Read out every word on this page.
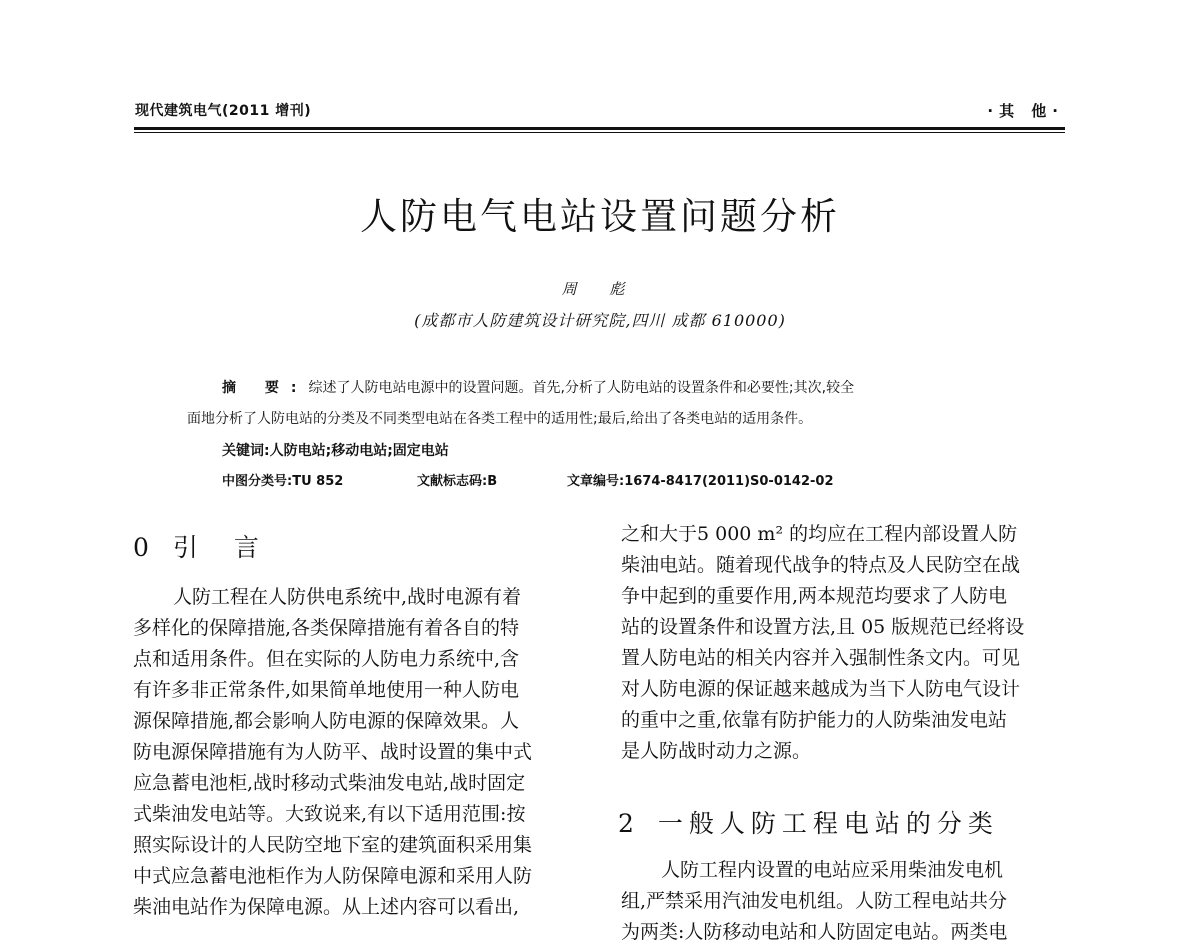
现代建筑电气(2011 增刊)	·其 他·
人防电气电站设置问题分析
周 彪
(成都市人防建筑设计研究院,四川 成都 610000)
摘 要:综述了人防电站电源中的设置问题。首先,分析了人防电站的设置条件和必要性;其次,较全
面地分析了人防电站的分类及不同类型电站在各类工程中的适用性;最后,给出了各类电站的适用条件。
关键词:人防电站;移动电站;固定电站
中图分类号:TU 852	文献标志码:B	文章编号:1674-8417(2011)S0-0142-02
0 引 言
人防工程在人防供电系统中,战时电源有着
多样化的保障措施,各类保障措施有着各自的特
点和适用条件。但在实际的人防电力系统中,含
有许多非正常条件,如果简单地使用一种人防电
源保障措施,都会影响人防电源的保障效果。人
防电源保障措施有为人防平、战时设置的集中式
应急蓄电池柜,战时移动式柴油发电站,战时固定
式柴油发电站等。大致说来,有以下适用范围:按
照实际设计的人民防空地下室的建筑面积采用集
中式应急蓄电池柜作为人防保障电源和采用人防
柴油电站作为保障电源。从上述内容可以看出,
之和大于5 000 m² 的均应在工程内部设置人防
柴油电站。随着现代战争的特点及人民防空在战
争中起到的重要作用,两本规范均要求了人防电
站的设置条件和设置方法,且 05 版规范已经将设
置人防电站的相关内容并入强制性条文内。可见
对人防电源的保证越来越成为当下人防电气设计
的重中之重,依靠有防护能力的人防柴油发电站
是人防战时动力之源。
2 一般人防工程电站的分类
人防工程内设置的电站应采用柴油发电机
组,严禁采用汽油发电机组。人防工程电站共分
为两类:人防移动电站和人防固定电站。两类电
